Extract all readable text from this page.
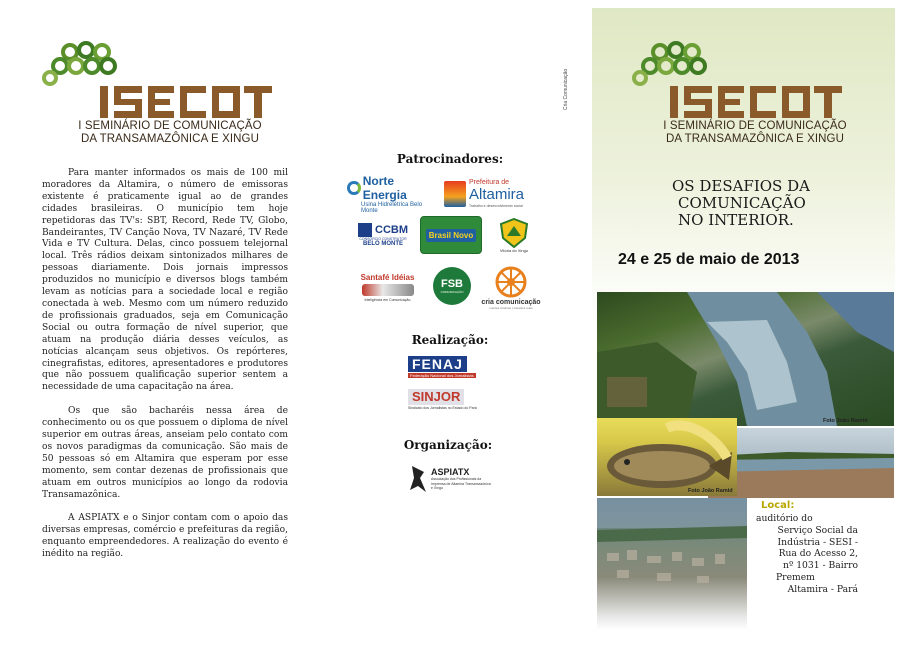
I SEMINÁRIO DE COMUNICAÇÃO
DA TRANSAMAZÔNICA E XINGU

Para manter informados os mais de 100 mil moradores da Altamira, o número de emissoras existente é praticamente igual ao de grandes cidades brasileiras. O município tem hoje repetidoras das TV's: SBT, Record, Rede TV, Globo, Bandeirantes, TV Canção Nova, TV Nazaré, TV Rede Vida e TV Cultura. Delas, cinco possuem telejornal local. Três rádios deixam sintonizados milhares de pessoas diariamente. Dois jornais impressos produzidos no município e diversos blogs também levam as notícias para a sociedade local e região conectada à web. Mesmo com um número reduzido de profissionais graduados, seja em Comunicação Social ou outra formação de nível superior, que atuam na produção diária desses veículos, as notícias alcançam seus objetivos. Os repórteres, cinegrafistas, editores, apresentadores e produtores que não possuem qualificação superior sentem a necessidade de uma capacitação na área.

Os que são bacharéis nessa área de conhecimento ou os que possuem o diploma de nível superior em outras áreas, anseiam pelo contato com os novos paradigmas da comunicação. São mais de 50 pessoas só em Altamira que esperam por esse momento, sem contar dezenas de profissionais que atuam em outros municípios ao longo da rodovia Transamazônica.

A ASPIATX e o Sinjor contam com o apoio das diversas empresas, comércio e prefeituras da região, enquanto empreendedores. A realização do evento é inédito na região.

Cria Comunicação
Patrocinadores:
Norte Energia
Usina Hidrelétrica Belo Monte
Prefeitura de
Altamira
Trabalho e desenvolvimento social
CCBM
CONSÓRCIO CONSTRUTOR
BELO MONTE
Brasil Novo
Vitória do Xingu
Santafé Idéias
Inteligência em Comunicação
FSB
COMUNICAÇÃO
cria comunicação
mentes criativas | soluções reais
Realização:
FENAJ
Federação Nacional dos Jornalistas
SINJOR
Sindicato dos Jornalistas no Estado do Pará
Organização:
ASPIATX
Associação dos Profissionais da Imprensa de Altamira Transamazônica e Xingu
I SEMINÁRIO DE COMUNICAÇÃO
DA TRANSAMAZÔNICA E XINGU
OS DESAFIOS DA
COMUNICAÇÃO
NO INTERIOR.
24 e 25 de maio de 2013
Foto João Ramid
Foto João Ramid
Local:
auditório do
Serviço Social da
Indústria - SESI -
Rua do Acesso 2,
nº 1031 - Bairro
Premem
Altamira - Pará
